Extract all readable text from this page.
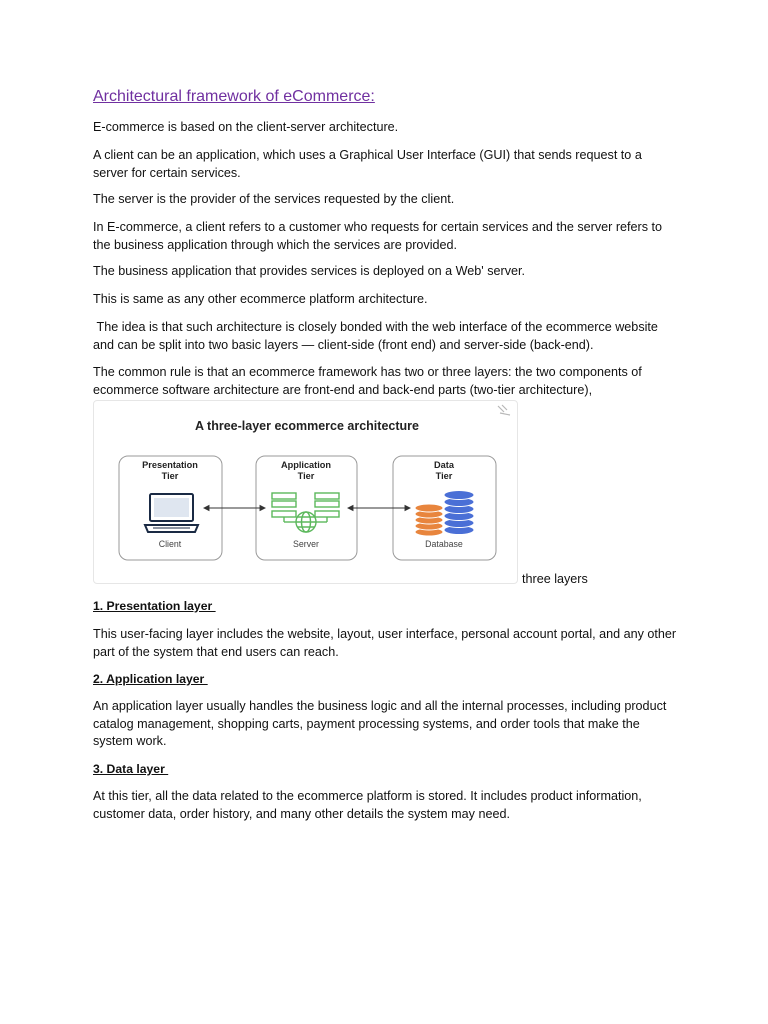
Architectural framework of eCommerce:

E-commerce is based on the client-server architecture.

A client can be an application, which uses a Graphical User Interface (GUI) that sends request to a server for certain services.

The server is the provider of the services requested by the client.

In E-commerce, a client refers to a customer who requests for certain services and the server refers to the business application through which the services are provided.

The business application that provides services is deployed on a Web' server.

This is same as any other ecommerce platform architecture.

The idea is that such architecture is closely bonded with the web interface of the ecommerce website and can be split into two basic layers — client-side (front end) and server-side (back-end).

The common rule is that an ecommerce framework has two or three layers: the two components of ecommerce software architecture are front-end and back-end parts (two-tier architecture),

A three-layer ecommerce architecture
Presentation
Tier
Application
Tier
Data
Tier
Client	Server	Database
three layers
1. Presentation layer

This user-facing layer includes the website, layout, user interface, personal account portal, and any other part of the system that end users can reach.

2. Application layer

An application layer usually handles the business logic and all the internal processes, including product catalog management, shopping carts, payment processing systems, and order tools that make the system work.

3. Data layer

At this tier, all the data related to the ecommerce platform is stored. It includes product information, customer data, order history, and many other details the system may need.
